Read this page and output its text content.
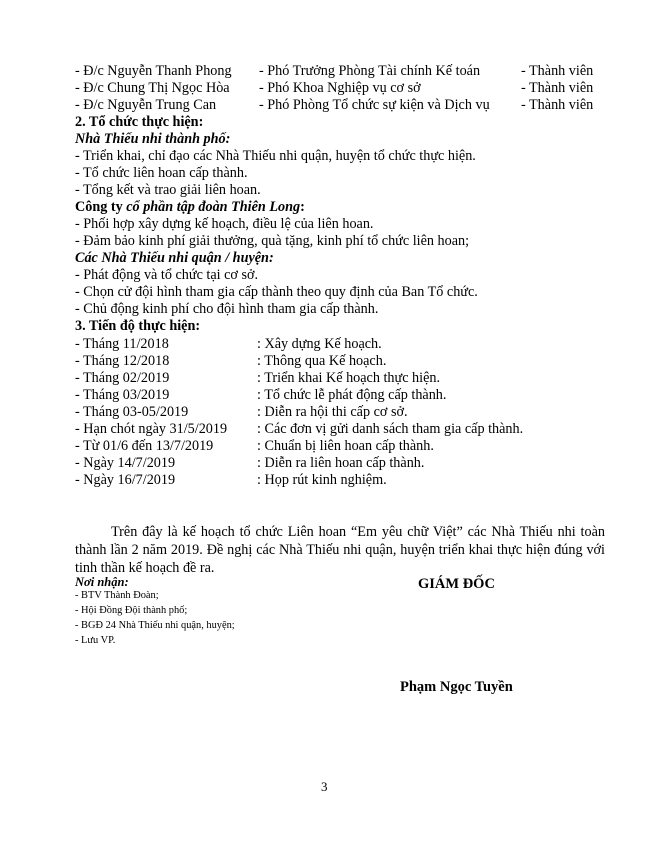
- Đ/c Nguyễn Thanh Phong - Phó Trưởng Phòng Tài chính Kế toán	- Thành viên
- Đ/c Chung Thị Ngọc Hòa - Phó Khoa Nghiệp vụ cơ sở	- Thành viên
- Đ/c Nguyễn Trung Can	- Phó Phòng Tổ chức sự kiện và Dịch vụ - Thành viên
2. Tổ chức thực hiện:
Nhà Thiếu nhi thành phố:
- Triển khai, chỉ đạo các Nhà Thiếu nhi quận, huyện tổ chức thực hiện.
- Tổ chức liên hoan cấp thành.
- Tổng kết và trao giải liên hoan.
Công ty cổ phần tập đoàn Thiên Long:
- Phối hợp xây dựng kế hoạch, điều lệ của liên hoan.
- Đảm bảo kinh phí giải thưởng, quà tặng, kinh phí tổ chức liên hoan;
Các Nhà Thiếu nhi quận / huyện:
- Phát động và tổ chức tại cơ sở.
- Chọn cử đội hình tham gia cấp thành theo quy định của Ban Tổ chức.
- Chủ động kinh phí cho đội hình tham gia cấp thành.
3. Tiến độ thực hiện:
- Tháng 11/2018	: Xây dựng Kế hoạch.
- Tháng 12/2018	: Thông qua Kế hoạch.
- Tháng 02/2019	: Triển khai Kế hoạch thực hiện.
- Tháng 03/2019	: Tổ chức lễ phát động cấp thành.
- Tháng 03-05/2019	: Diễn ra hội thi cấp cơ sở.
- Hạn chót ngày 31/5/2019 : Các đơn vị gửi danh sách tham gia cấp thành.
- Từ 01/6 đến 13/7/2019	: Chuẩn bị liên hoan cấp thành.
- Ngày 14/7/2019	: Diễn ra liên hoan cấp thành.
- Ngày 16/7/2019	: Họp rút kinh nghiệm.
Trên đây là kế hoạch tổ chức Liên hoan “Em yêu chữ Việt” các Nhà Thiếu nhi toàn thành lần 2 năm 2019. Đề nghị các Nhà Thiếu nhi quận, huyện triển khai thực hiện đúng với tinh thần kế hoạch đề ra.
Nơi nhận:
- BTV Thành Đoàn;
- Hội Đồng Đội thành phố;
- BGĐ 24 Nhà Thiếu nhi quận, huyện;
- Lưu VP.
GIÁM ĐỐC
Phạm Ngọc Tuyền
3
